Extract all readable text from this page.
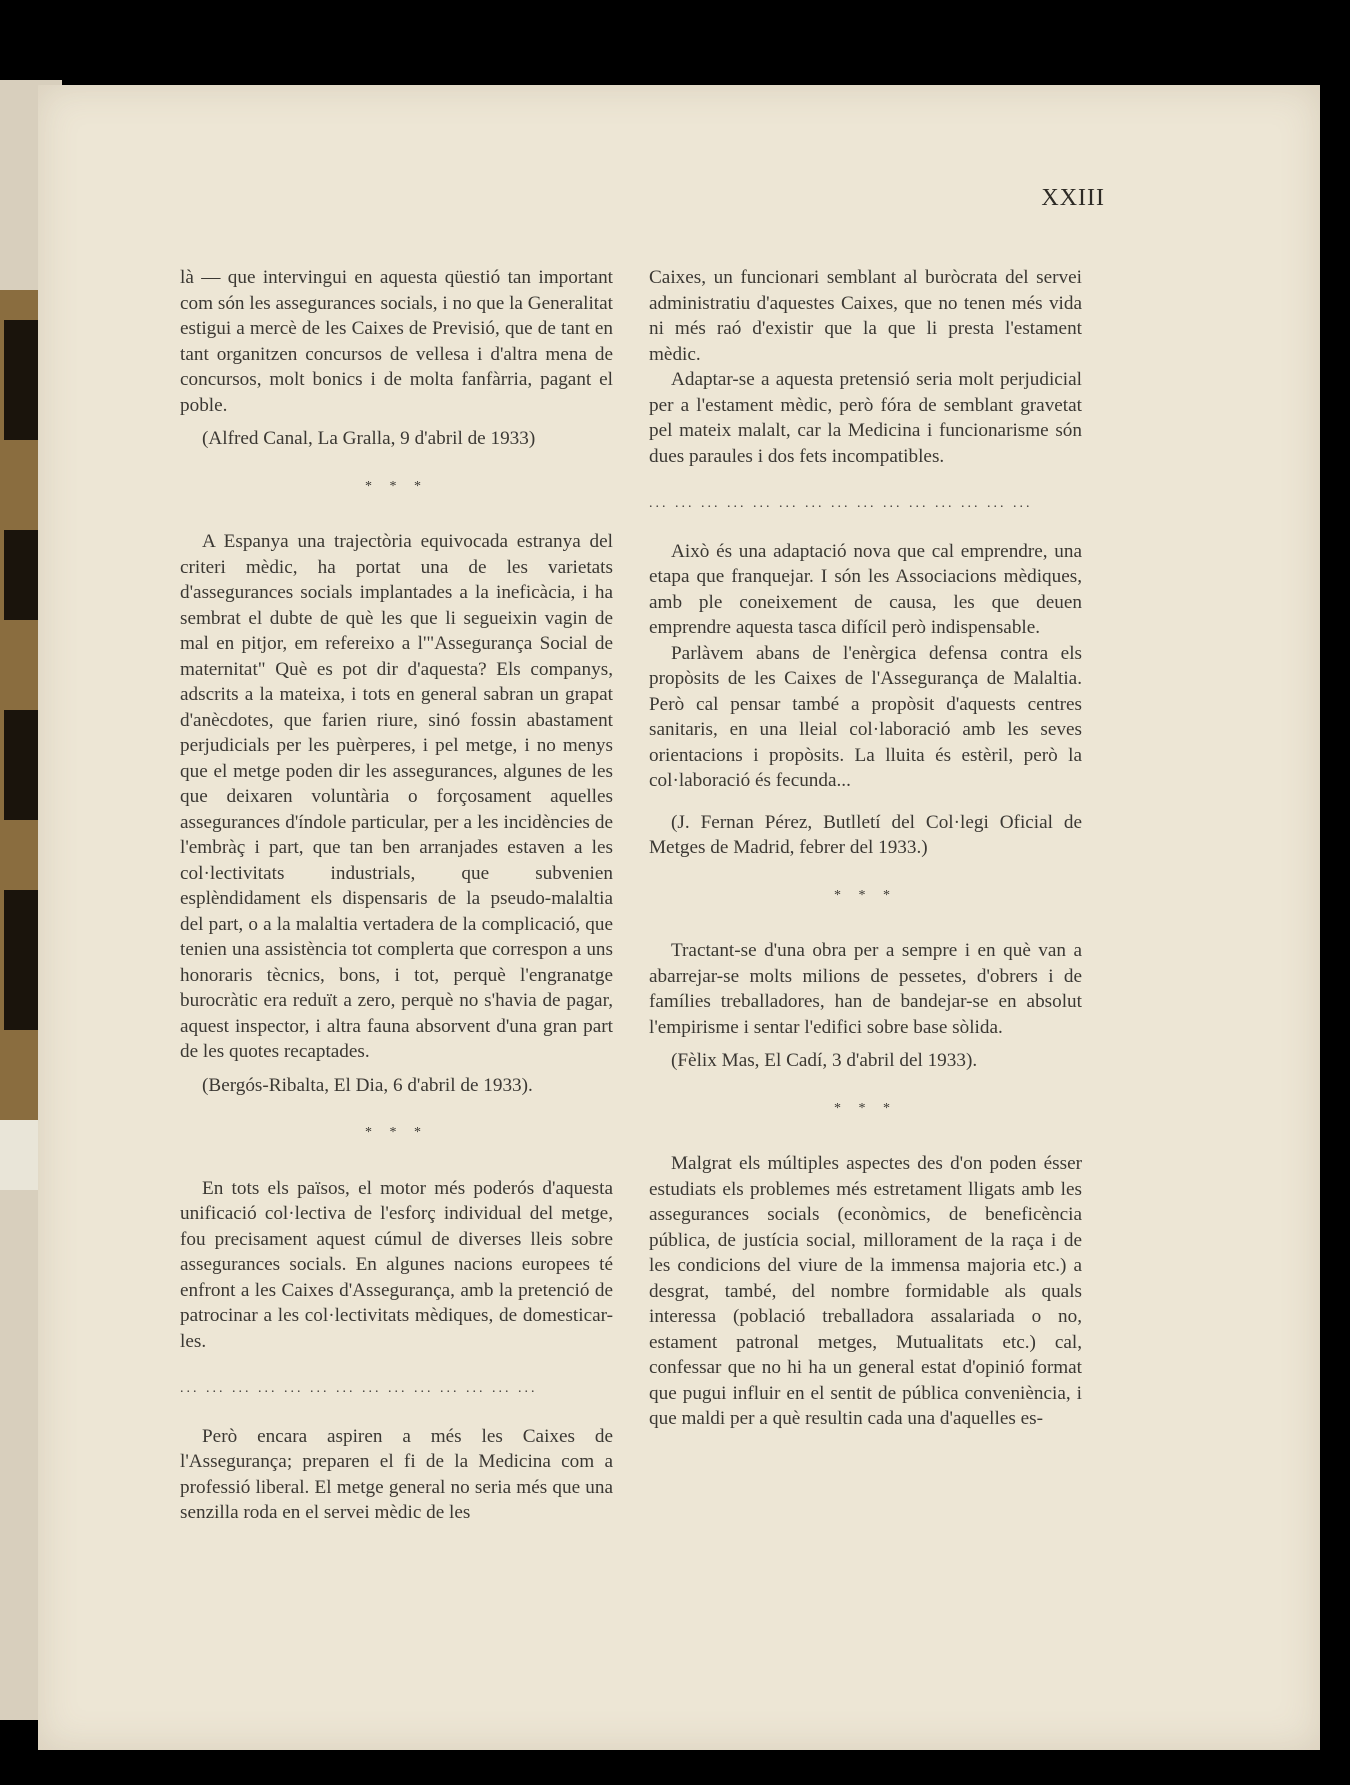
XXIII

là — que intervingui en aquesta qüestió tan important com són les assegurances socials, i no que la Generalitat estigui a mercè de les Caixes de Previsió, que de tant en tant organitzen concursos de vellesa i d'altra mena de concursos, molt bonics i de molta fanfàrria, pagant el poble.

(Alfred Canal, La Gralla, 9 d'abril de 1933)

* * *

A Espanya una trajectòria equivocada estranya del criteri mèdic, ha portat una de les varietats d'assegurances socials implantades a la ineficàcia, i ha sembrat el dubte de què les que li segueixin vagin de mal en pitjor, em refereixo a l'"Assegurança Social de maternitat" Què es pot dir d'aquesta? Els companys, adscrits a la mateixa, i tots en general sabran un grapat d'anècdotes, que farien riure, sinó fossin abastament perjudicials per les puèrperes, i pel metge, i no menys que el metge poden dir les assegurances, algunes de les que deixaren voluntària o forçosament aquelles assegurances d'índole particular, per a les incidències de l'embràç i part, que tan ben arranjades estaven a les col·lectivitats industrials, que subvenien esplèndidament els dispensaris de la pseudo-malaltia del part, o a la malaltia vertadera de la complicació, que tenien una assistència tot complerta que correspon a uns honoraris tècnics, bons, i tot, perquè l'engranatge burocràtic era reduït a zero, perquè no s'havia de pagar, aquest inspector, i altra fauna absorvent d'una gran part de les quotes recaptades.

(Bergós-Ribalta, El Dia, 6 d'abril de 1933).

* * *

En tots els països, el motor més poderós d'aquesta unificació col·lectiva de l'esforç individual del metge, fou precisament aquest cúmul de diverses lleis sobre assegurances socials. En algunes nacions europees té enfront a les Caixes d'Assegurança, amb la pretenció de patrocinar a les col·lectivitats mèdiques, de domesticar-les.

... ... ... ... ... ... ... ... ... ... ... ... ... ...

Però encara aspiren a més les Caixes de l'Assegurança; preparen el fi de la Medicina com a professió liberal. El metge general no seria més que una senzilla roda en el servei mèdic de les

Caixes, un funcionari semblant al buròcrata del servei administratiu d'aquestes Caixes, que no tenen més vida ni més raó d'existir que la que li presta l'estament mèdic.

Adaptar-se a aquesta pretensió seria molt perjudicial per a l'estament mèdic, però fóra de semblant gravetat pel mateix malalt, car la Medicina i funcionarisme són dues paraules i dos fets incompatibles.

... ... ... ... ... ... ... ... ... ... ... ... ... ... ...

Això és una adaptació nova que cal emprendre, una etapa que franquejar. I són les Associacions mèdiques, amb ple coneixement de causa, les que deuen emprendre aquesta tasca difícil però indispensable.

Parlàvem abans de l'enèrgica defensa contra els propòsits de les Caixes de l'Assegurança de Malaltia. Però cal pensar també a propòsit d'aquests centres sanitaris, en una lleial col·laboració amb les seves orientacions i propòsits. La lluita és estèril, però la col·laboració és fecunda...

(J. Fernan Pérez, Butlletí del Col·legi Oficial de Metges de Madrid, febrer del 1933.)

* * *

Tractant-se d'una obra per a sempre i en què van a abarrejar-se molts milions de pessetes, d'obrers i de famílies treballadores, han de bandejar-se en absolut l'empirisme i sentar l'edifici sobre base sòlida.

(Fèlix Mas, El Cadí, 3 d'abril del 1933).

* * *

Malgrat els múltiples aspectes des d'on poden ésser estudiats els problemes més estretament lligats amb les assegurances socials (econòmics, de beneficència pública, de justícia social, millorament de la raça i de les condicions del viure de la immensa majoria etc.) a desgrat, també, del nombre formidable als quals interessa (població treballadora assalariada o no, estament patronal metges, Mutualitats etc.) cal, confessar que no hi ha un general estat d'opinió format que pugui influir en el sentit de pública conveniència, i que maldi per a què resultin cada una d'aquelles es-
